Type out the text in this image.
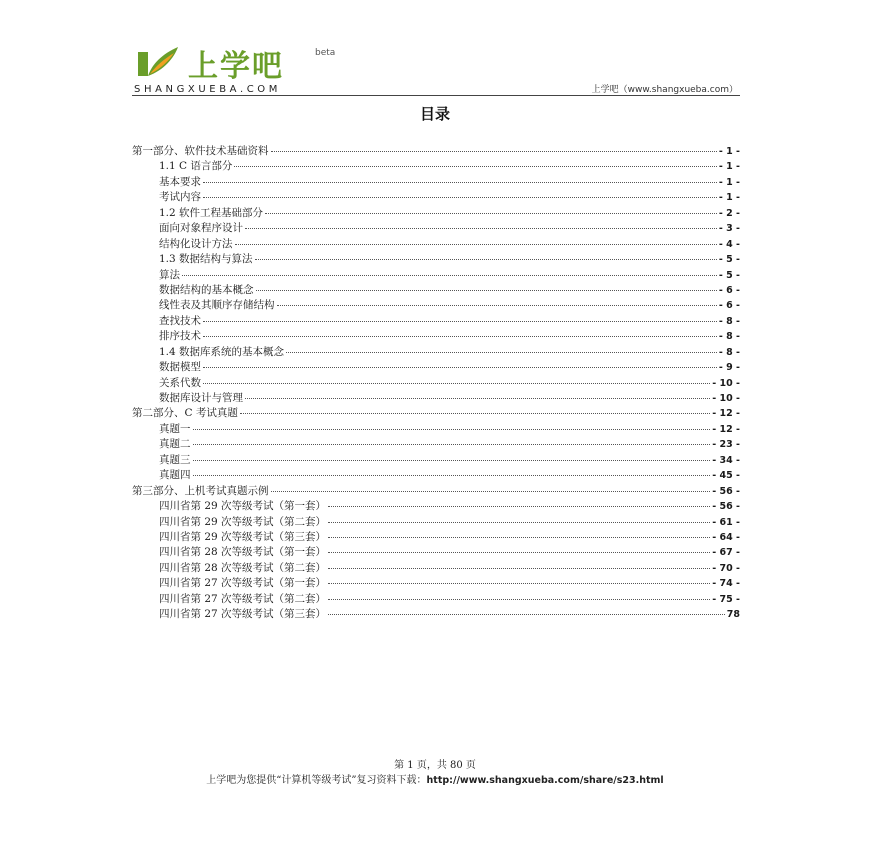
上学吧	beta
SHANGXUEBA.COM	上学吧（www.shangxueba.com）
目录
第一部分、软件技术基础资料	- 1 -
1.1 C 语言部分	- 1 -
基本要求	- 1 -
考试内容	- 1 -
1.2 软件工程基础部分	- 2 -
面向对象程序设计	- 3 -
结构化设计方法	- 4 -
1.3 数据结构与算法	- 5 -
算法	- 5 -
数据结构的基本概念	- 6 -
线性表及其顺序存储结构	- 6 -
查找技术	- 8 -
排序技术	- 8 -
1.4 数据库系统的基本概念	- 8 -
数据模型	- 9 -
关系代数	- 10 -
数据库设计与管理	- 10 -
第二部分、C 考试真题	- 12 -
真题一	- 12 -
真题二	- 23 -
真题三	- 34 -
真题四	- 45 -
第三部分、上机考试真题示例	- 56 -
四川省第 29 次等级考试（第一套）	- 56 -
四川省第 29 次等级考试（第二套）	- 61 -
四川省第 29 次等级考试（第三套）	- 64 -
四川省第 28 次等级考试（第一套）	- 67 -
四川省第 28 次等级考试（第二套）	- 70 -
四川省第 27 次等级考试（第一套）	- 74 -
四川省第 27 次等级考试（第二套）	- 75 -
四川省第 27 次等级考试（第三套）	78
第 1 页，共 80 页
上学吧为您提供“计算机等级考试”复习资料下载：http://www.shangxueba.com/share/s23.html
